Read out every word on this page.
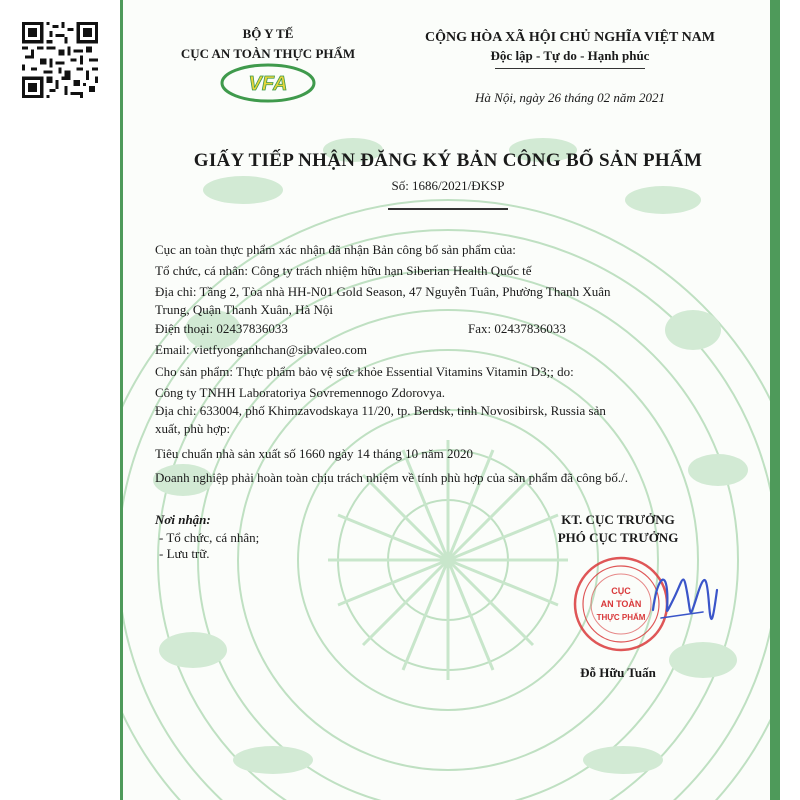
BỘ Y TẾ
CỤC AN TOÀN THỰC PHẨM
VFA
CỘNG HÒA XÃ HỘI CHỦ NGHĨA VIỆT NAM
Độc lập - Tự do - Hạnh phúc
Hà Nội, ngày 26 tháng 02 năm 2021
GIẤY TIẾP NHẬN ĐĂNG KÝ BẢN CÔNG BỐ SẢN PHẨM
Số: 1686/2021/ĐKSP
Cục an toàn thực phẩm xác nhận đã nhận Bản công bố sản phẩm của:
Tổ chức, cá nhân: Công ty trách nhiệm hữu hạn Siberian Health Quốc tế
Địa chỉ: Tầng 2, Tòa nhà HH-N01 Gold Season, 47 Nguyễn Tuân, Phường Thanh Xuân
Trung, Quận Thanh Xuân, Hà Nội
Điện thoại: 02437836033	Fax: 02437836033
Email: vietfyonganhchan@sibvaleo.com
Cho sản phẩm: Thực phẩm bảo vệ sức khỏe Essential Vitamins Vitamin D3;; do:
Công ty TNHH Laboratoriya Sovremennogo Zdorovya.
Địa chỉ: 633004, phố Khimzavodskaya 11/20, tp. Berdsk, tỉnh Novosibirsk, Russia sản
xuất, phù hợp:
Tiêu chuẩn nhà sản xuất số 1660 ngày 14 tháng 10 năm 2020
Doanh nghiệp phải hoàn toàn chịu trách nhiệm về tính phù hợp của sản phẩm đã công bố./.
Nơi nhận:
- Tổ chức, cá nhân;
- Lưu trữ.
KT. CỤC TRƯỞNG
PHÓ CỤC TRƯỞNG
CỤC
AN TOÀN
THỰC PHẨM
Đỗ Hữu Tuấn
